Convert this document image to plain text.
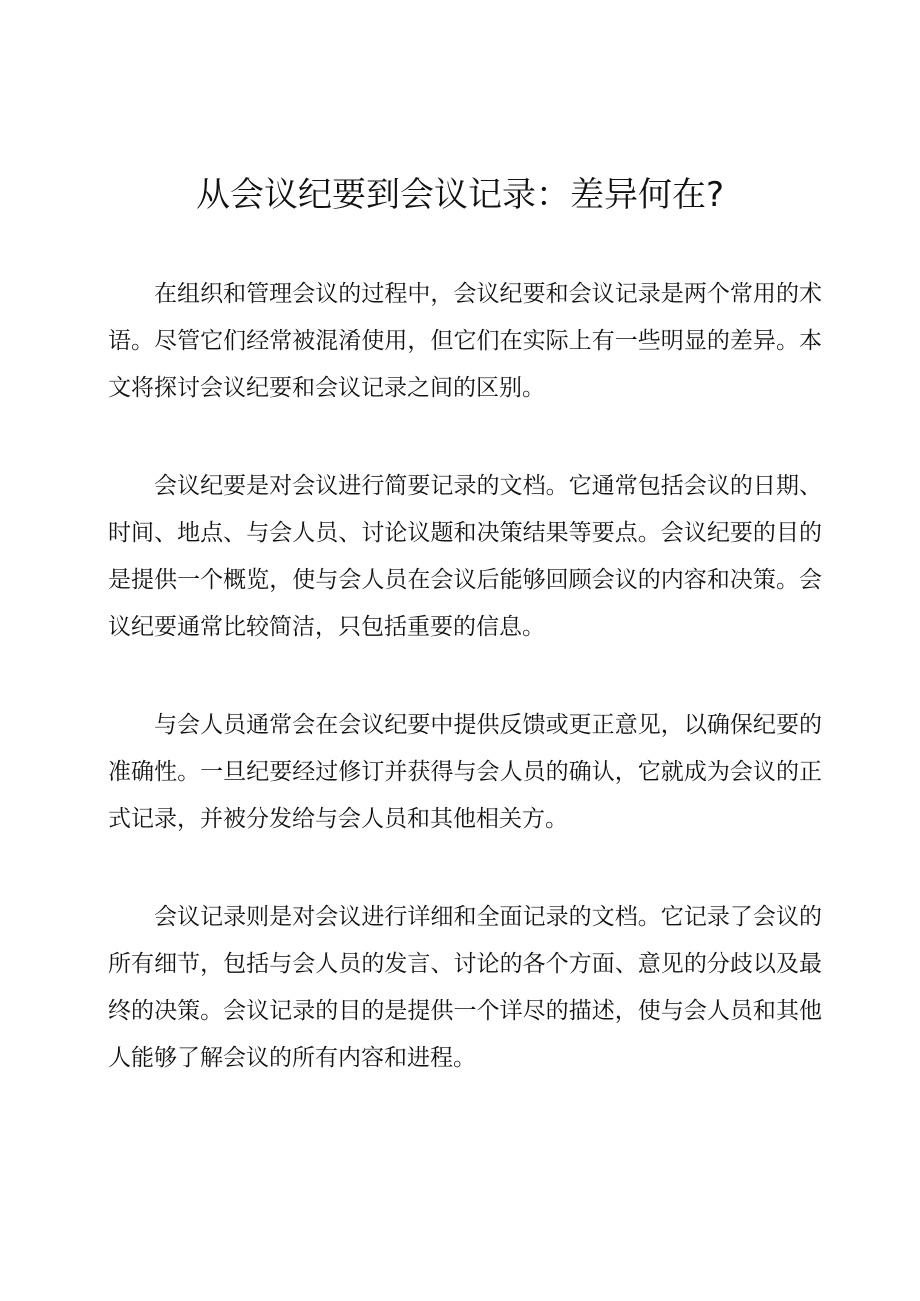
从会议纪要到会议记录：差异何在?

在组织和管理会议的过程中，会议纪要和会议记录是两个常用的术语。尽管它们经常被混淆使用，但它们在实际上有一些明显的差异。本文将探讨会议纪要和会议记录之间的区别。

会议纪要是对会议进行简要记录的文档。它通常包括会议的日期、时间、地点、与会人员、讨论议题和决策结果等要点。会议纪要的目的是提供一个概览，使与会人员在会议后能够回顾会议的内容和决策。会议纪要通常比较简洁，只包括重要的信息。

与会人员通常会在会议纪要中提供反馈或更正意见，以确保纪要的准确性。一旦纪要经过修订并获得与会人员的确认，它就成为会议的正式记录，并被分发给与会人员和其他相关方。

会议记录则是对会议进行详细和全面记录的文档。它记录了会议的所有细节，包括与会人员的发言、讨论的各个方面、意见的分歧以及最终的决策。会议记录的目的是提供一个详尽的描述，使与会人员和其他人能够了解会议的所有内容和进程。
